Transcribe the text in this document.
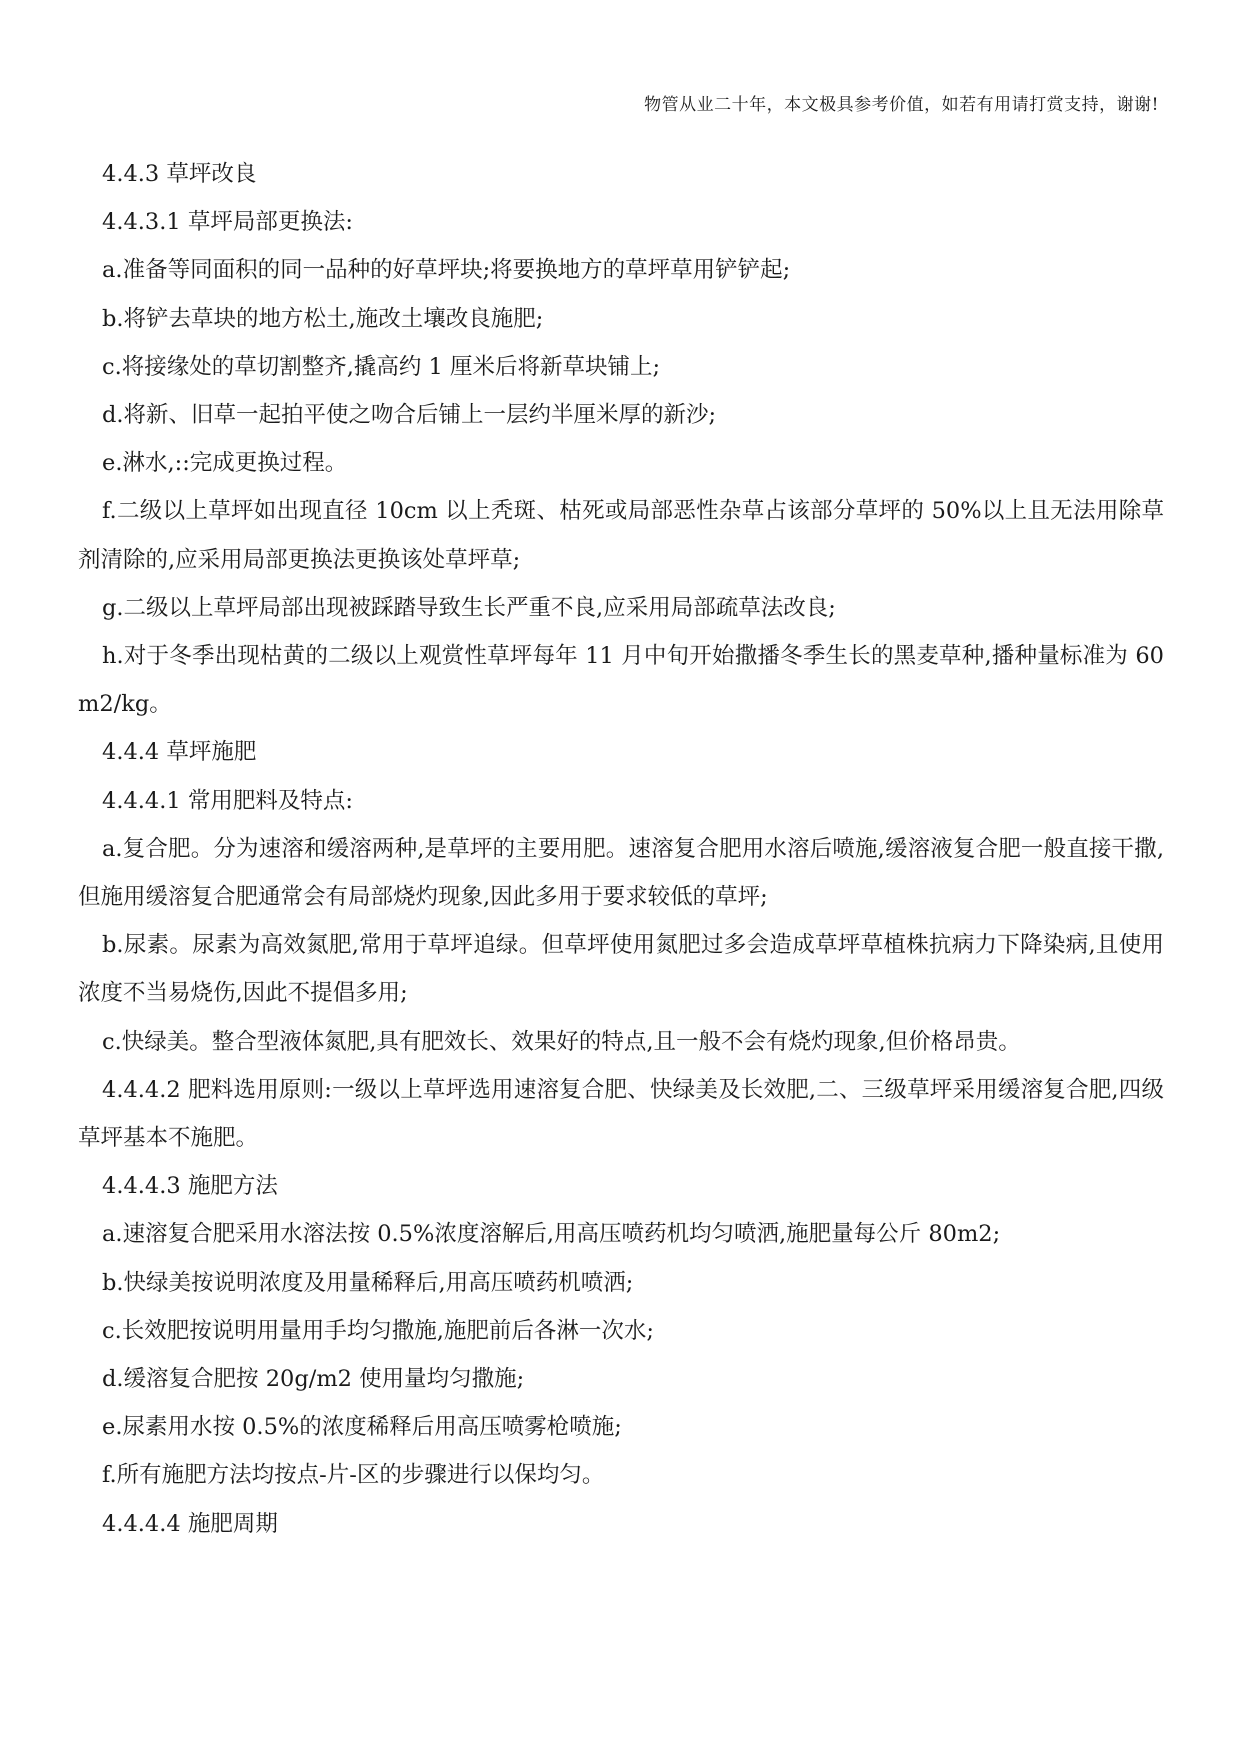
物管从业二十年，本文极具参考价值，如若有用请打赏支持，谢谢!

4.4.3 草坪改良

4.4.3.1 草坪局部更换法:

a.准备等同面积的同一品种的好草坪块;将要换地方的草坪草用铲铲起;

b.将铲去草块的地方松土,施改土壤改良施肥;

c.将接缘处的草切割整齐,撬高约 1 厘米后将新草块铺上;

d.将新、旧草一起拍平使之吻合后铺上一层约半厘米厚的新沙;

e.淋水,::完成更换过程。

f.二级以上草坪如出现直径 10cm 以上秃斑、枯死或局部恶性杂草占该部分草坪的 50%以上且无法用除草剂清除的,应采用局部更换法更换该处草坪草;

g.二级以上草坪局部出现被踩踏导致生长严重不良,应采用局部疏草法改良;

h.对于冬季出现枯黄的二级以上观赏性草坪每年 11 月中旬开始撒播冬季生长的黑麦草种,播种量标准为 60m2/kg。

4.4.4 草坪施肥

4.4.4.1 常用肥料及特点:

a.复合肥。分为速溶和缓溶两种,是草坪的主要用肥。速溶复合肥用水溶后喷施,缓溶液复合肥一般直接干撒,但施用缓溶复合肥通常会有局部烧灼现象,因此多用于要求较低的草坪;

b.尿素。尿素为高效氮肥,常用于草坪追绿。但草坪使用氮肥过多会造成草坪草植株抗病力下降染病,且使用浓度不当易烧伤,因此不提倡多用;

c.快绿美。整合型液体氮肥,具有肥效长、效果好的特点,且一般不会有烧灼现象,但价格昂贵。

4.4.4.2 肥料选用原则:一级以上草坪选用速溶复合肥、快绿美及长效肥,二、三级草坪采用缓溶复合肥,四级草坪基本不施肥。

4.4.4.3 施肥方法

a.速溶复合肥采用水溶法按 0.5%浓度溶解后,用高压喷药机均匀喷洒,施肥量每公斤 80m2;

b.快绿美按说明浓度及用量稀释后,用高压喷药机喷洒;

c.长效肥按说明用量用手均匀撒施,施肥前后各淋一次水;

d.缓溶复合肥按 20g/m2 使用量均匀撒施;

e.尿素用水按 0.5%的浓度稀释后用高压喷雾枪喷施;

f.所有施肥方法均按点-片-区的步骤进行以保均匀。

4.4.4.4 施肥周期
